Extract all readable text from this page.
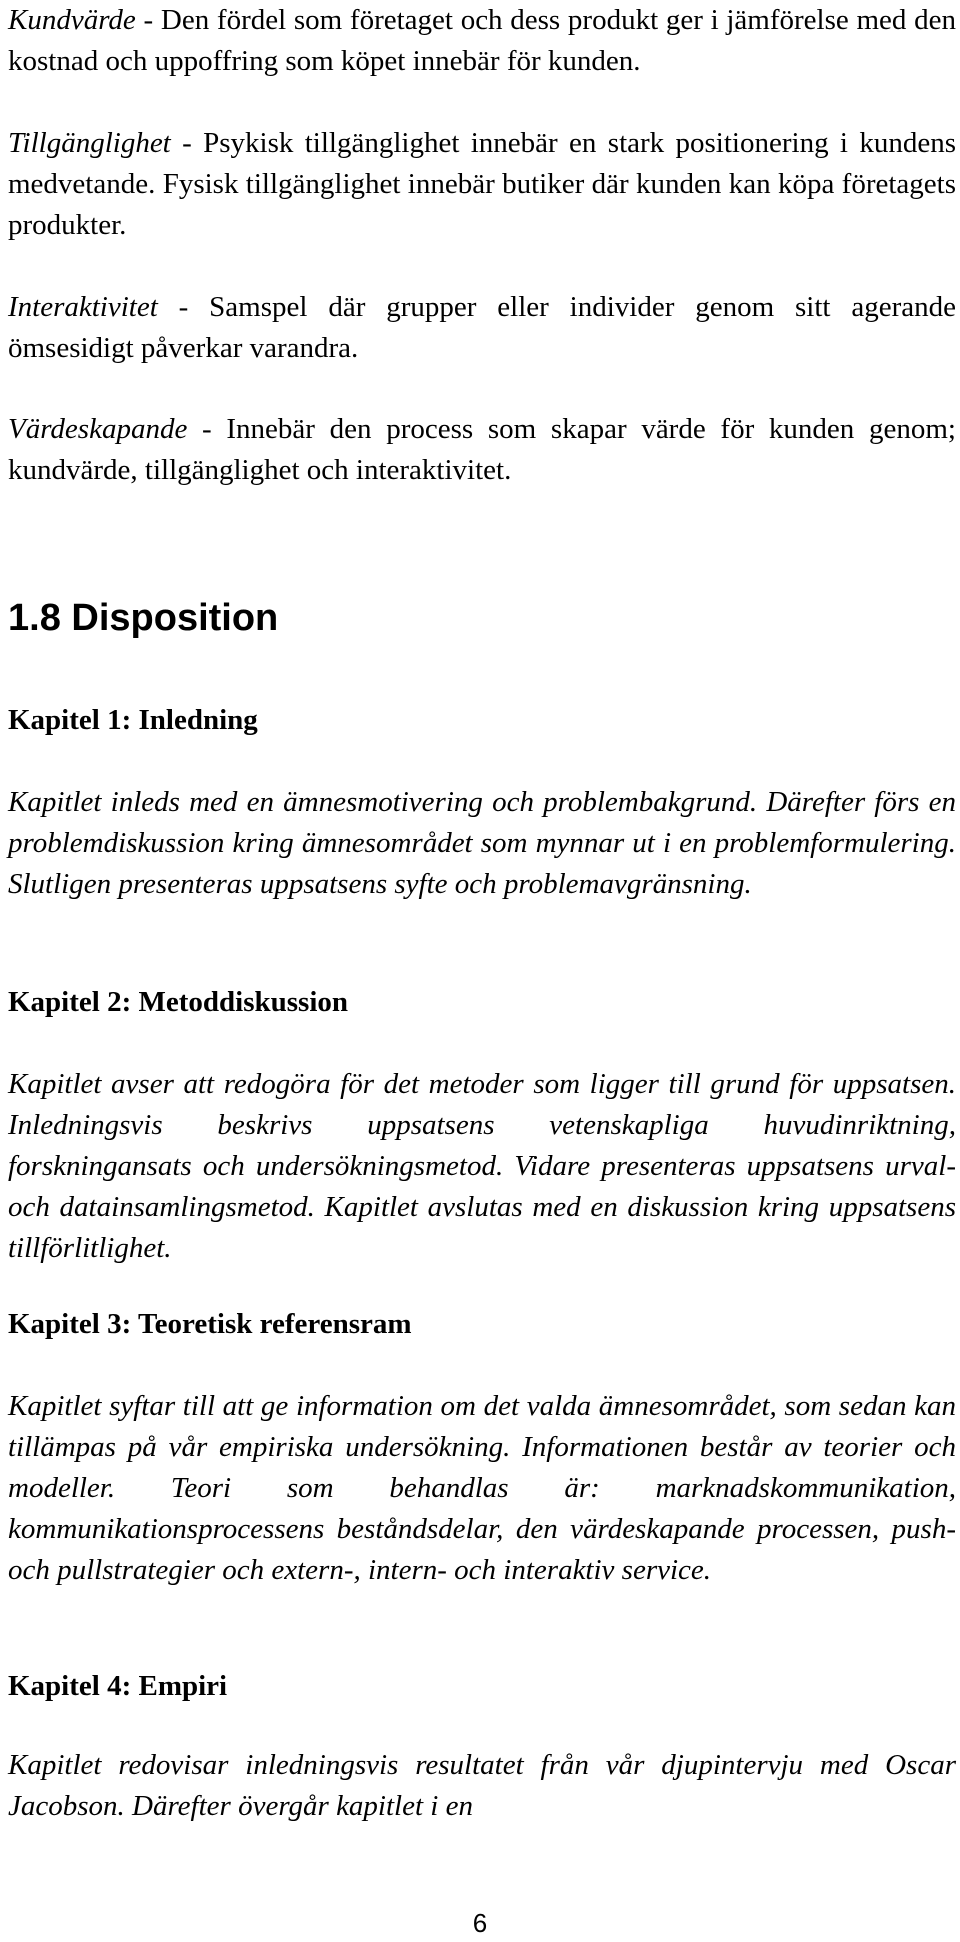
Kundvärde - Den fördel som företaget och dess produkt ger i jämförelse med den kostnad och uppoffring som köpet innebär för kunden.

Tillgänglighet - Psykisk tillgänglighet innebär en stark positionering i kundens medvetande. Fysisk tillgänglighet innebär butiker där kunden kan köpa företagets produkter.

Interaktivitet - Samspel där grupper eller individer genom sitt agerande ömsesidigt påverkar varandra.

Värdeskapande - Innebär den process som skapar värde för kunden genom; kundvärde, tillgänglighet och interaktivitet.

1.8 Disposition
Kapitel 1: Inledning

Kapitlet inleds med en ämnesmotivering och problembakgrund. Därefter förs en problemdiskussion kring ämnesområdet som mynnar ut i en problemformulering. Slutligen presenteras uppsatsens syfte och problemavgränsning.

Kapitel 2: Metoddiskussion

Kapitlet avser att redogöra för det metoder som ligger till grund för uppsatsen. Inledningsvis beskrivs uppsatsens vetenskapliga huvudinriktning, forskningansats och undersökningsmetod. Vidare presenteras uppsatsens urval- och datainsamlingsmetod. Kapitlet avslutas med en diskussion kring uppsatsens tillförlitlighet.

Kapitel 3: Teoretisk referensram

Kapitlet syftar till att ge information om det valda ämnesområdet, som sedan kan tillämpas på vår empiriska undersökning. Informationen består av teorier och modeller. Teori som behandlas är: marknadskommunikation, kommunikationsprocessens beståndsdelar, den värdeskapande processen, push- och pullstrategier och extern-, intern- och interaktiv service.

Kapitel 4: Empiri

Kapitlet redovisar inledningsvis resultatet från vår djupintervju med Oscar Jacobson. Därefter övergår kapitlet i en

6
